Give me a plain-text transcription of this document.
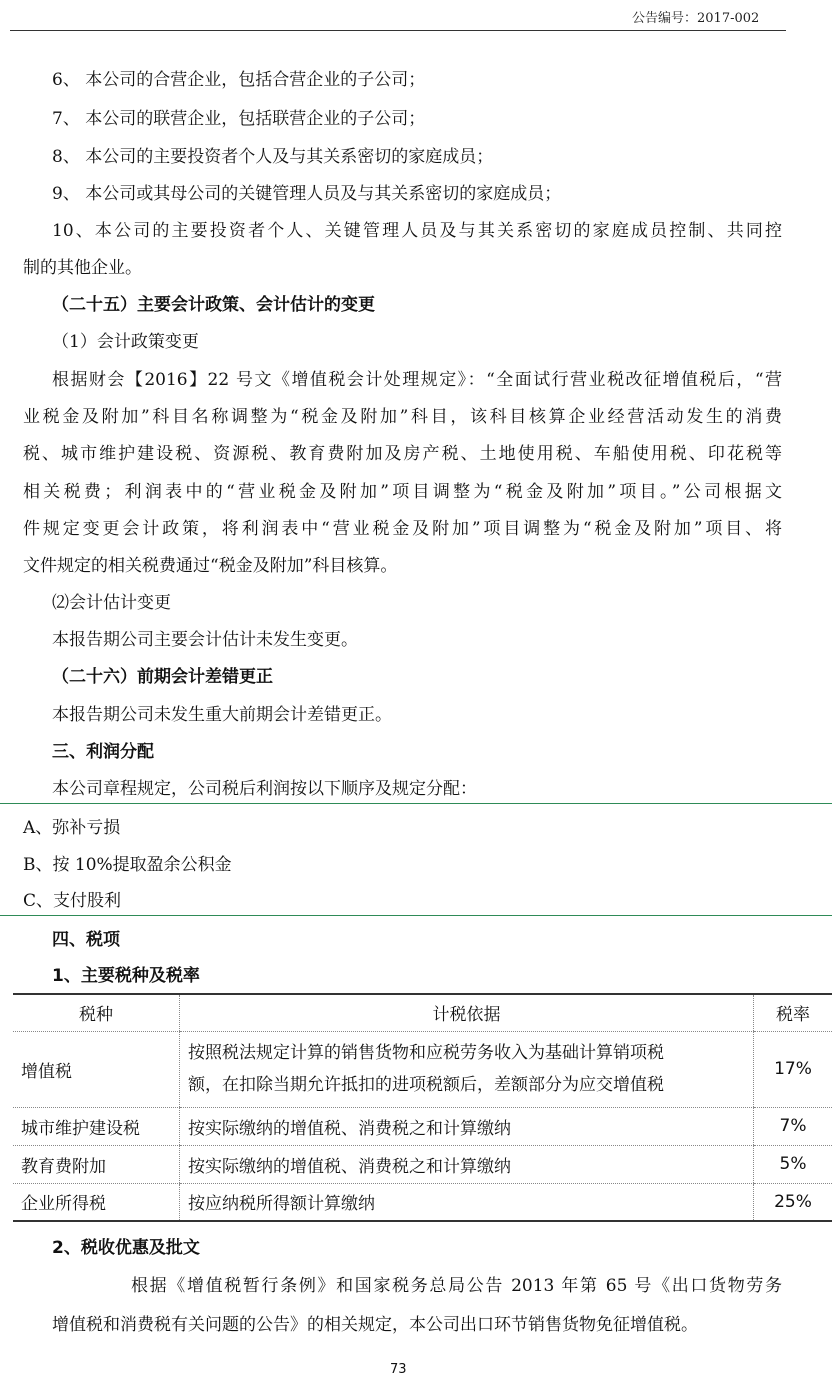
公告编号：2017-002
6、 本公司的合营企业，包括合营企业的子公司；
7、 本公司的联营企业，包括联营企业的子公司；
8、 本公司的主要投资者个人及与其关系密切的家庭成员；
9、 本公司或其母公司的关键管理人员及与其关系密切的家庭成员；
10、本公司的主要投资者个人、关键管理人员及与其关系密切的家庭成员控制、共同控
制的其他企业。
（二十五）主要会计政策、会计估计的变更
（1）会计政策变更
根据财会【2016】22 号文《增值税会计处理规定》：“全面试行营业税改征增值税后，“营
业税金及附加”科目名称调整为“税金及附加”科目，该科目核算企业经营活动发生的消费
税、城市维护建设税、资源税、教育费附加及房产税、土地使用税、车船使用税、印花税等
相关税费；利润表中的“营业税金及附加”项目调整为“税金及附加”项目。”公司根据文
件规定变更会计政策，将利润表中“营业税金及附加”项目调整为“税金及附加”项目、将
文件规定的相关税费通过“税金及附加”科目核算。
⑵会计估计变更
本报告期公司主要会计估计未发生变更。
（二十六）前期会计差错更正
本报告期公司未发生重大前期会计差错更正。
三、利润分配
本公司章程规定，公司税后利润按以下顺序及规定分配：
A、弥补亏损
B、按 10%提取盈余公积金
C、支付股利
四、税项
1、主要税种及税率
税种	计税依据	税率
增值税	按照税法规定计算的销售货物和应税劳务收入为基础计算销项税
额，在扣除当期允许抵扣的进项税额后，差额部分为应交增值税	17%
城市维护建设税	按实际缴纳的增值税、消费税之和计算缴纳	7%
教育费附加	按实际缴纳的增值税、消费税之和计算缴纳	5%
企业所得税	按应纳税所得额计算缴纳	25%
2、税收优惠及批文
根据《增值税暂行条例》和国家税务总局公告 2013 年第 65 号《出口货物劳务
增值税和消费税有关问题的公告》的相关规定，本公司出口环节销售货物免征增值税。
73
